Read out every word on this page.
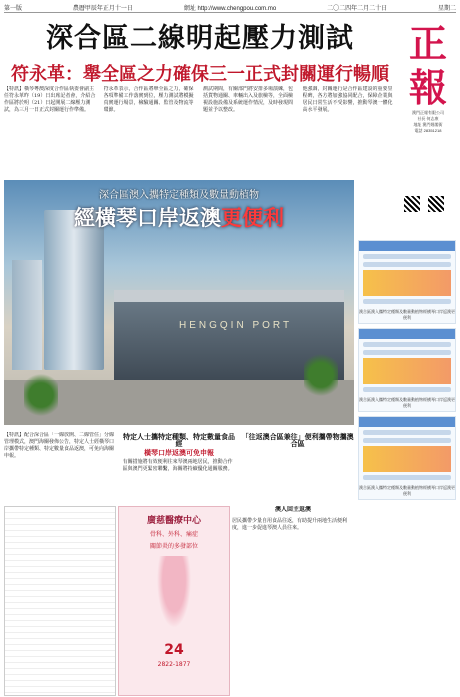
第一版	農曆甲辰年正月十一日	網址 http://www.chengpou.com.mo	二〇二四年二月二十日	星期二
深合區二線明起壓力測試
符永革：舉全區之力確保三一正式封關運行暢順
正報
澳門正報有限公司
社長 何志康
地址 澳門媽閣街
電話 28351218

【特訊】橫琴粵澳深度合作區執委會副主任符永革昨（19）日出席記者會，介紹合作區將於明（21）日起開展二線壓力測試，為三月一日正式封關運行作準備。

符永革表示，合作區將舉全區之力，確保各項準備工作落實到位，壓力測試將模擬真實運行場景，檢驗通關、監管及物流等環節。

測試期間，有關部門將安排多場演練，包括貨物通關、車輛出入及旅檢等，全面檢視設施設備及系統運作情況，及時發現問題並予以整改。

他強調，封關運行是合作區建設的重要里程碑，各方將加強協同配合，保障企業與居民日常生活不受影響，推動琴澳一體化高水平發展。

HENGQIN PORT
深合區澳入攜特定種類及數量動植物
經橫琴口岸返澳更便利
澳合區澳入攜特定種類及數量動植物經橫琴口岸返澳更便利
澳合區澳入攜特定種類及數量動植物經橫琴口岸返澳更便利
澳合區澳入攜特定種類及數量動植物經橫琴口岸返澳更便利

【特訊】配合深合區「一線放開、二線管住」分線管理模式，澳門海關發佈公告，特定人士經橫琴口岸攜帶特定種類、特定數量食品返澳，可免向海關申報。

特定人士攜特定種類、特定數量食品經
橫琴口岸返澳可免申報

有關措施將有效便利往來琴澳兩地居民，推動合作區與澳門更緊密聯繫，海關將持續優化通關服務。

「往返澳合區兼往」便利攜帶物攜澳合區
廣慈醫療中心
骨科、外科、痛症
關節炎的多發部位
24
2822-1877
澳人回主返澳

居民攜帶少量自用食品往返，有助提升兩地生活便利度，進一步促進琴澳人員往來。
